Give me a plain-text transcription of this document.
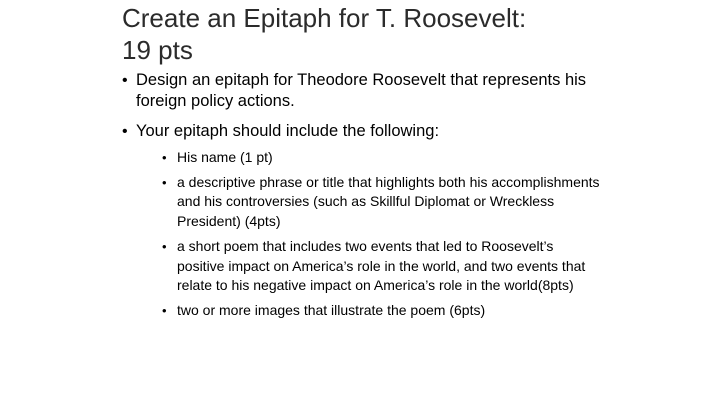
Create an Epitaph for T. Roosevelt:
19 pts
• Design an epitaph for Theodore Roosevelt that represents his foreign policy actions.
• Your epitaph should include the following:
• His name (1 pt)
• a descriptive phrase or title that highlights both his accomplishments and his controversies (such as Skillful Diplomat or Wreckless President) (4pts)
• a short poem that includes two events that led to Roosevelt’s positive impact on America’s role in the world, and two events that relate to his negative impact on America’s role in the world(8pts)
• two or more images that illustrate the poem (6pts)
